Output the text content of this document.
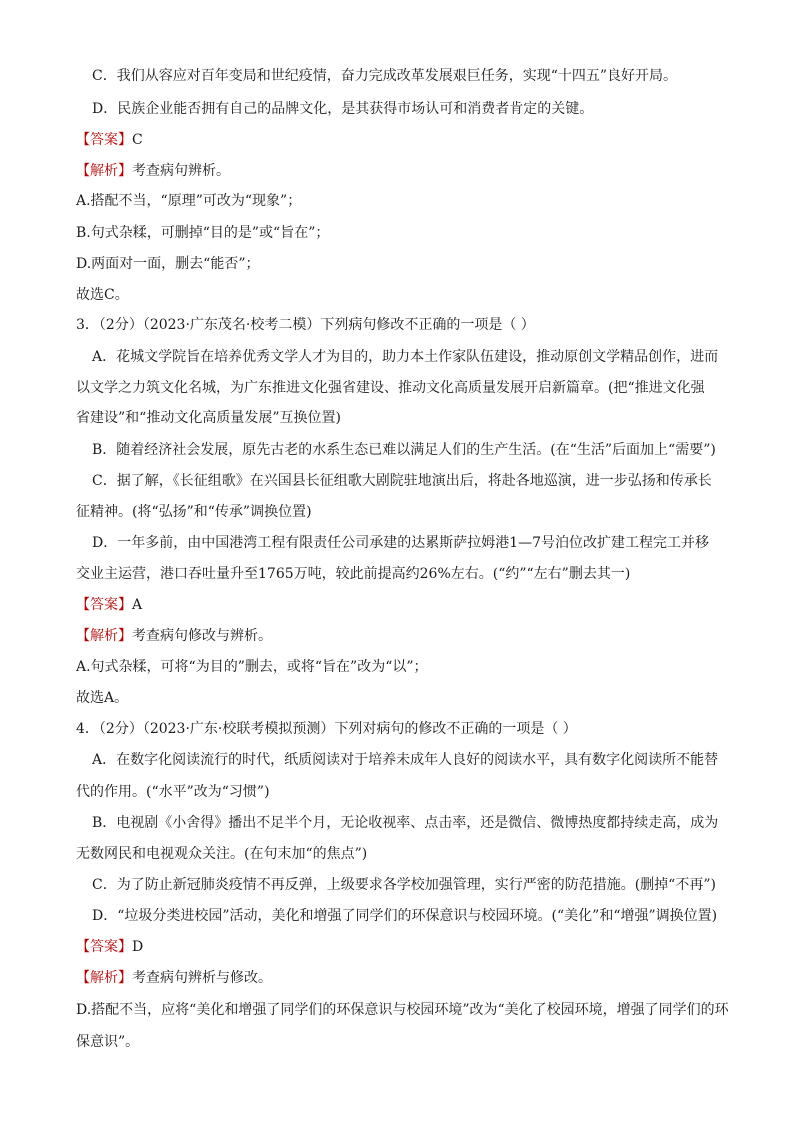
C．我们从容应对百年变局和世纪疫情，奋力完成改革发展艰巨任务，实现“十四五”良好开局。
D．民族企业能否拥有自己的品牌文化，是其获得市场认可和消费者肯定的关键。
【答案】C
【解析】考查病句辨析。
A.搭配不当，“原理”可改为“现象”；
B.句式杂糅，可删掉“目的是”或“旨在”；
D.两面对一面，删去“能否”；
故选C。
3．（2分）（2023·广东茂名·校考二模）下列病句修改不正确的一项是（ ）
A．花城文学院旨在培养优秀文学人才为目的，助力本土作家队伍建设，推动原创文学精品创作，进而
以文学之力筑文化名城，为广东推进文化强省建设、推动文化高质量发展开启新篇章。(把“推进文化强
省建设”和“推动文化高质量发展”互换位置)
B．随着经济社会发展，原先古老的水系生态已难以满足人们的生产生活。(在“生活”后面加上“需要”)
C．据了解，《长征组歌》在兴国县长征组歌大剧院驻地演出后，将赴各地巡演，进一步弘扬和传承长
征精神。(将“弘扬”和“传承”调换位置)
D．一年多前，由中国港湾工程有限责任公司承建的达累斯萨拉姆港1—7号泊位改扩建工程完工并移
交业主运营，港口吞吐量升至1765万吨，较此前提高约26%左右。(“约”“左右”删去其一)
【答案】A
【解析】考查病句修改与辨析。
A.句式杂糅，可将“为目的”删去，或将“旨在”改为“以”；
故选A。
4．（2分）（2023·广东·校联考模拟预测）下列对病句的修改不正确的一项是（ ）
A．在数字化阅读流行的时代，纸质阅读对于培养未成年人良好的阅读水平，具有数字化阅读所不能替
代的作用。(“水平”改为“习惯”)
B．电视剧《小舍得》播出不足半个月，无论收视率、点击率，还是微信、微博热度都持续走高，成为
无数网民和电视观众关注。(在句末加“的焦点”)
C．为了防止新冠肺炎疫情不再反弹，上级要求各学校加强管理，实行严密的防范措施。(删掉“不再”)
D．“垃圾分类进校园”活动，美化和增强了同学们的环保意识与校园环境。(“美化”和“增强”调换位置)
【答案】D
【解析】考查病句辨析与修改。
D.搭配不当，应将“美化和增强了同学们的环保意识与校园环境”改为“美化了校园环境，增强了同学们的环
保意识”。
